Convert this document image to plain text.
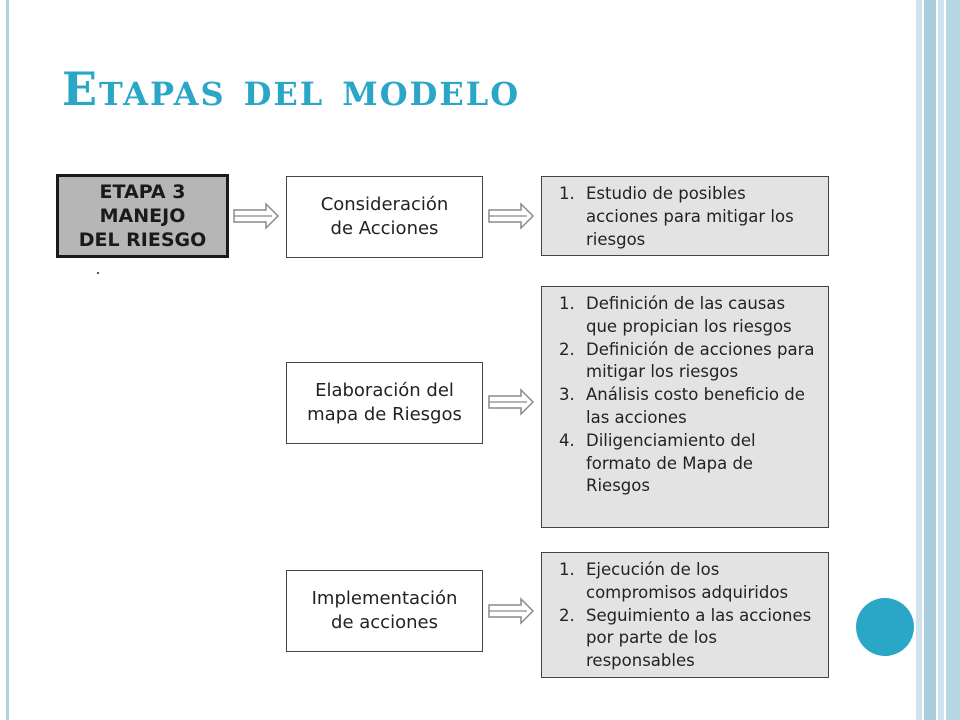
Etapas del modelo
ETAPA 3
MANEJO
DEL RIESGO
Consideración
de Acciones
1. Estudio de posibles acciones para mitigar los riesgos
Elaboración del
mapa de Riesgos
1. Definición de las causas que propician los riesgos
2. Definición de acciones para mitigar los riesgos
3. Análisis costo beneficio de las acciones
4. Diligenciamiento del formato de Mapa de Riesgos
Implementación
de acciones
1. Ejecución de los compromisos adquiridos
2. Seguimiento a las acciones por parte de los responsables
